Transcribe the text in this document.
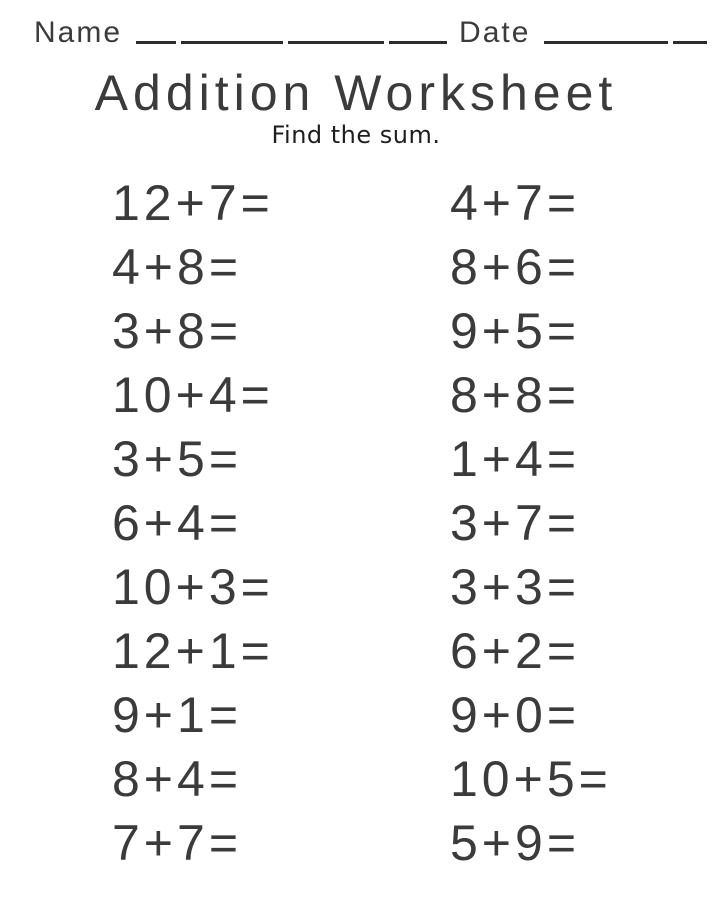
Name	Date
Addition Worksheet
Find the sum.
12+7=
4+8=
3+8=
10+4=
3+5=
6+4=
10+3=
12+1=
9+1=
8+4=
7+7=
4+7=
8+6=
9+5=
8+8=
1+4=
3+7=
3+3=
6+2=
9+0=
10+5=
5+9=
